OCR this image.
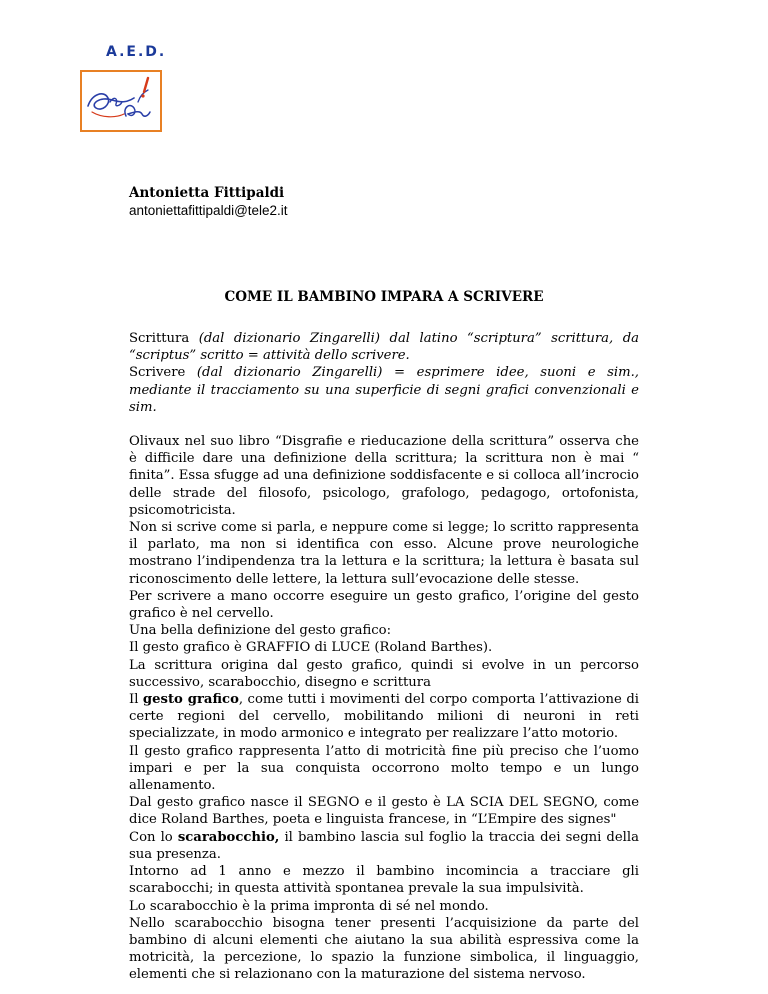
A.E.D.
Antonietta Fittipaldi
antoniettafittipaldi@tele2.it
COME IL BAMBINO IMPARA A SCRIVERE

Scrittura (dal dizionario Zingarelli) dal latino “scriptura” scrittura, da “scriptus” scritto = attività dello scrivere.

Scrivere (dal dizionario Zingarelli) = esprimere idee, suoni e sim., mediante il tracciamento su una superficie di segni grafici convenzionali e sim.

Olivaux nel suo libro “Disgrafie e rieducazione della scrittura” osserva che è difficile dare una definizione della scrittura; la scrittura non è mai “ finita”. Essa sfugge ad una definizione soddisfacente e si colloca all’incrocio delle strade del filosofo, psicologo, grafologo, pedagogo, ortofonista, psicomotricista.

Non si scrive come si parla, e neppure come si legge; lo scritto rappresenta il parlato, ma non si identifica con esso. Alcune prove neurologiche mostrano l’indipendenza tra la lettura e la scrittura; la lettura è basata sul riconoscimento delle lettere, la lettura sull’evocazione delle stesse.

Per scrivere a mano occorre eseguire un gesto grafico, l’origine del gesto grafico è nel cervello.

Una bella definizione del gesto grafico:

Il gesto grafico è GRAFFIO di LUCE (Roland Barthes).

La scrittura origina dal gesto grafico, quindi si evolve in un percorso successivo, scarabocchio, disegno e scrittura

Il gesto grafico, come tutti i movimenti del corpo comporta l’attivazione di certe regioni del cervello, mobilitando milioni di neuroni in reti specializzate, in modo armonico e integrato per realizzare l’atto motorio.

Il gesto grafico rappresenta l’atto di motricità fine più preciso che l’uomo impari e per la sua conquista occorrono molto tempo e un lungo allenamento.

Dal gesto grafico nasce il SEGNO e il gesto è LA SCIA DEL SEGNO, come dice Roland Barthes, poeta e linguista francese, in “L’Empire des signes"

Con lo scarabocchio, il bambino lascia sul foglio la traccia dei segni della sua presenza.

Intorno ad 1 anno e mezzo il bambino incomincia a tracciare gli scarabocchi; in questa attività spontanea prevale la sua impulsività.

Lo scarabocchio è la prima impronta di sé nel mondo.

Nello scarabocchio bisogna tener presenti l’acquisizione da parte del bambino di alcuni elementi che aiutano la sua abilità espressiva come la motricità, la percezione, lo spazio la funzione simbolica, il linguaggio, elementi che si relazionano con la maturazione del sistema nervoso.
